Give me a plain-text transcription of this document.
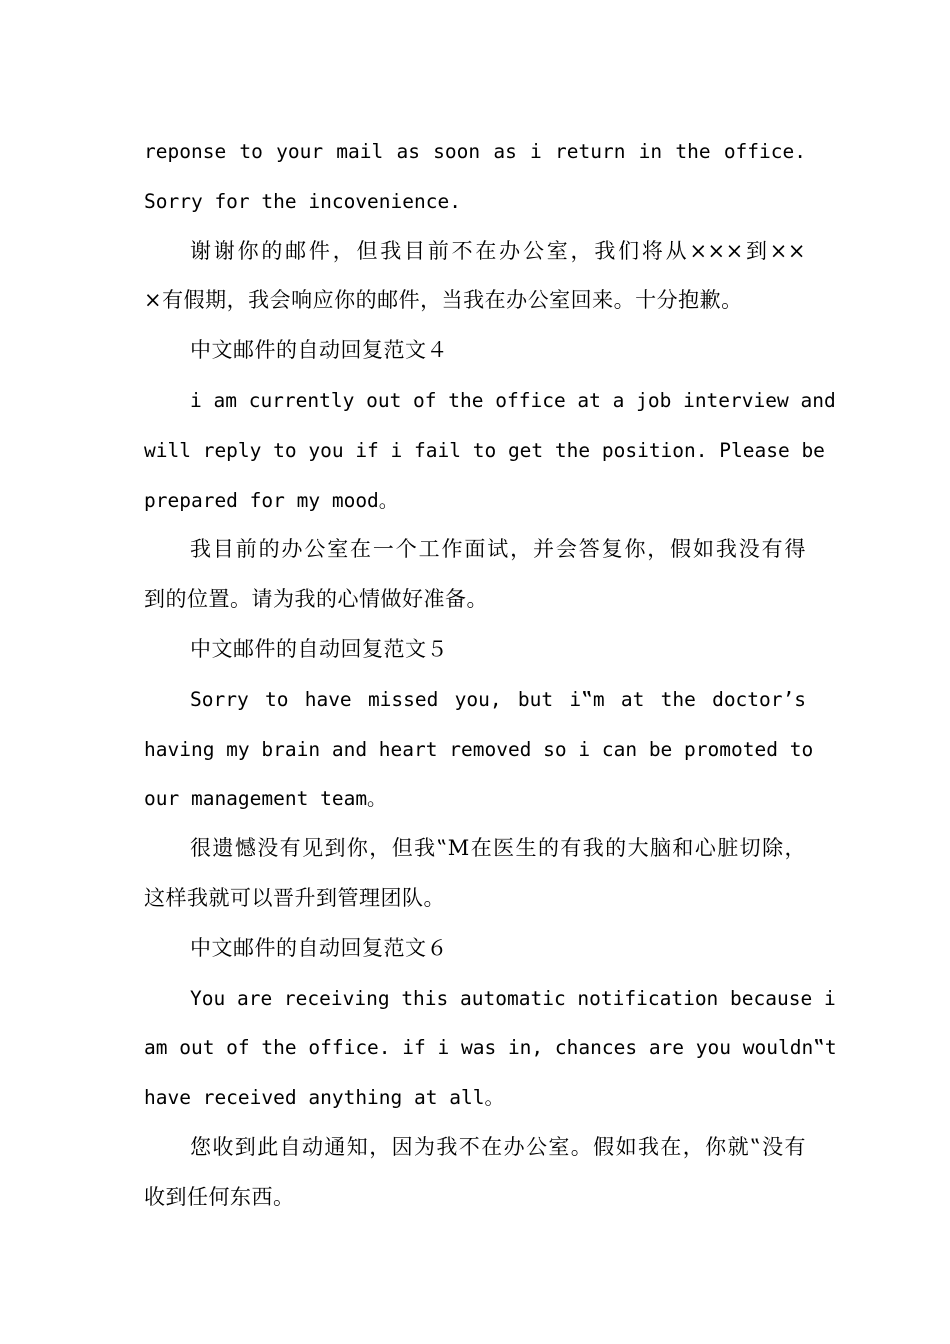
reponse to your mail as soon as i return in the office.
Sorry for the incovenience.
谢谢你的邮件，但我目前不在办公室，我们将从×××到××
×有假期，我会响应你的邮件，当我在办公室回来。十分抱歉。
中文邮件的自动回复范文４
i am currently out of the office at a job interview and
will reply to you if i fail to get the position. Please be
prepared for my mood。
我目前的办公室在一个工作面试，并会答复你，假如我没有得
到的位置。请为我的心情做好准备。
中文邮件的自动回复范文５
Sorry to have missed you, but i‟m at the doctor’s
having my brain and heart removed so i can be promoted to
our management team。
很遗憾没有见到你，但我‟M在医生的有我的大脑和心脏切除，
这样我就可以晋升到管理团队。
中文邮件的自动回复范文６
You are receiving this automatic notification because i
am out of the office. if i was in, chances are you wouldn‟t
have received anything at all。
您收到此自动通知，因为我不在办公室。假如我在，你就‟没有
收到任何东西。
